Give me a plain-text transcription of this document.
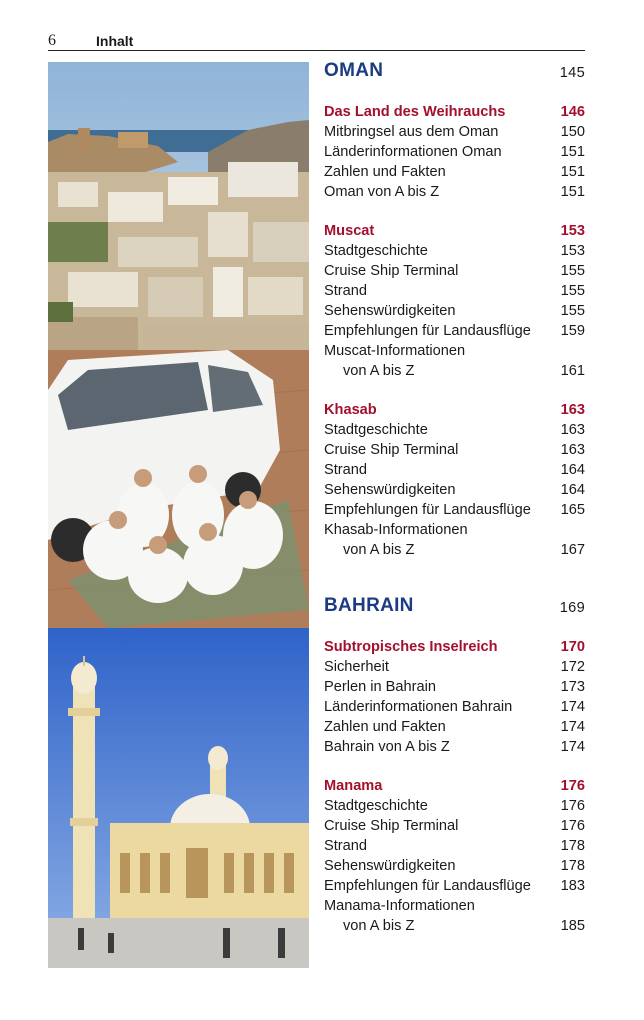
6	Inhalt
OMAN	145
Das Land des Weihrauchs	146
Mitbringsel aus dem Oman	150
Länderinformationen Oman	151
Zahlen und Fakten	151
Oman von A bis Z	151
Muscat	153
Stadtgeschichte	153
Cruise Ship Terminal	155
Strand	155
Sehenswürdigkeiten	155
Empfehlungen für Landausflüge 159
Muscat-Informationen
von A bis Z	161
Khasab	163
Stadtgeschichte	163
Cruise Ship Terminal	163
Strand	164
Sehenswürdigkeiten	164
Empfehlungen für Landausflüge 165
Khasab-Informationen
von A bis Z	167
BAHRAIN	169
Subtropisches Inselreich	170
Sicherheit	172
Perlen in Bahrain	173
Länderinformationen Bahrain	174
Zahlen und Fakten	174
Bahrain von A bis Z	174
Manama	176
Stadtgeschichte	176
Cruise Ship Terminal	176
Strand	178
Sehenswürdigkeiten	178
Empfehlungen für Landausflüge 183
Manama-Informationen
von A bis Z	185
